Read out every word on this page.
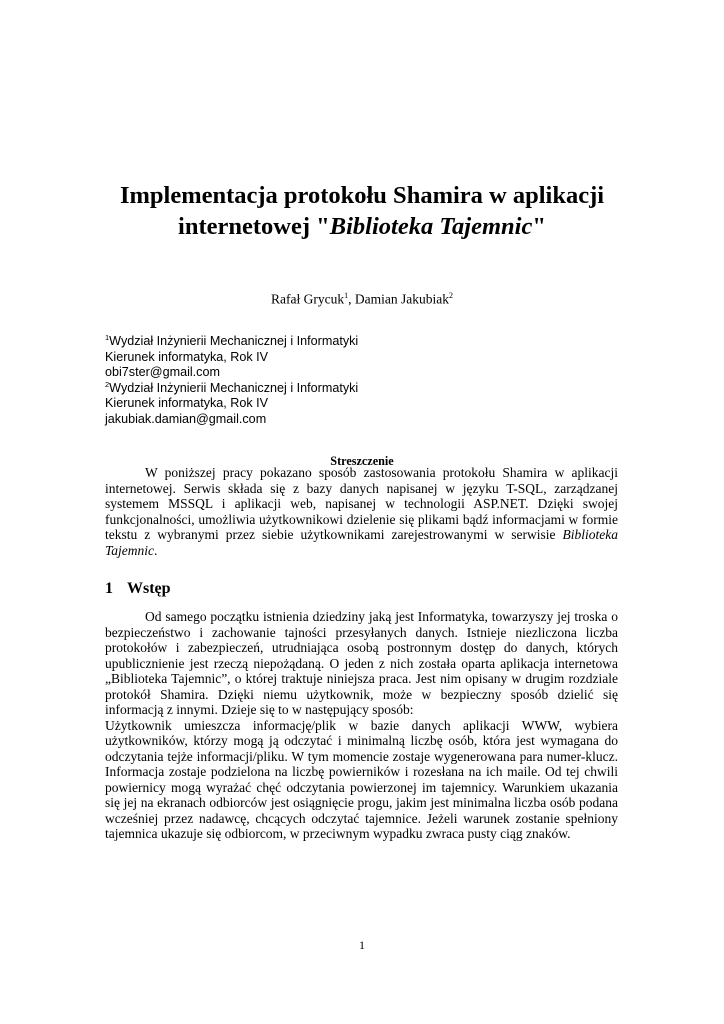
Implementacja protokołu Shamira w aplikacji
internetowej "Biblioteka Tajemnic"
Rafał Grycuk$^1$, Damian Jakubiak$^2$
$^1$Wydział Inżynierii Mechanicznej i Informatyki
Kierunek informatyka, Rok IV
obi7ster@gmail.com
$^2$Wydział Inżynierii Mechanicznej i Informatyki
Kierunek informatyka, Rok IV
jakubiak.damian@gmail.com
Streszczenie

W poniższej pracy pokazano sposób zastosowania protokołu Shamira w aplikacji internetowej. Serwis składa się z bazy danych napisanej w języku T-SQL, zarządzanej systemem MSSQL i aplikacji web, napisanej w technologii ASP.NET. Dzięki swojej funkcjonalności, umożliwia użytkownikowi dzielenie się plikami bądź informacjami w formie tekstu z wybranymi przez siebie użytkownikami zarejestrowanymi w serwisie Biblioteka Tajemnic.

1 Wstęp

Od samego początku istnienia dziedziny jaką jest Informatyka, towarzyszy jej troska o bezpieczeństwo i zachowanie tajności przesyłanych danych. Istnieje niezliczona liczba protokołów i zabezpieczeń, utrudniająca osobą postronnym dostęp do danych, których upublicznienie jest rzeczą niepożądaną. O jeden z nich została oparta aplikacja internetowa „Biblioteka Tajemnic”, o której traktuje niniejsza praca. Jest nim opisany w drugim rozdziale protokół Shamira. Dzięki niemu użytkownik, może w bezpieczny sposób dzielić się informacją z innymi. Dzieje się to w następujący sposób:

Użytkownik umieszcza informację/plik w bazie danych aplikacji WWW, wybiera użytkowników, którzy mogą ją odczytać i minimalną liczbę osób, która jest wymagana do odczytania tejże informacji/pliku. W tym momencie zostaje wygenerowana para numer-klucz. Informacja zostaje podzielona na liczbę powierników i rozesłana na ich maile. Od tej chwili powiernicy mogą wyrażać chęć odczytania powierzonej im tajemnicy. Warunkiem ukazania się jej na ekranach odbiorców jest osiągnięcie progu, jakim jest minimalna liczba osób podana wcześniej przez nadawcę, chcących odczytać tajemnice. Jeżeli warunek zostanie spełniony tajemnica ukazuje się odbiorcom, w przeciwnym wypadku zwraca pusty ciąg znaków.

1
